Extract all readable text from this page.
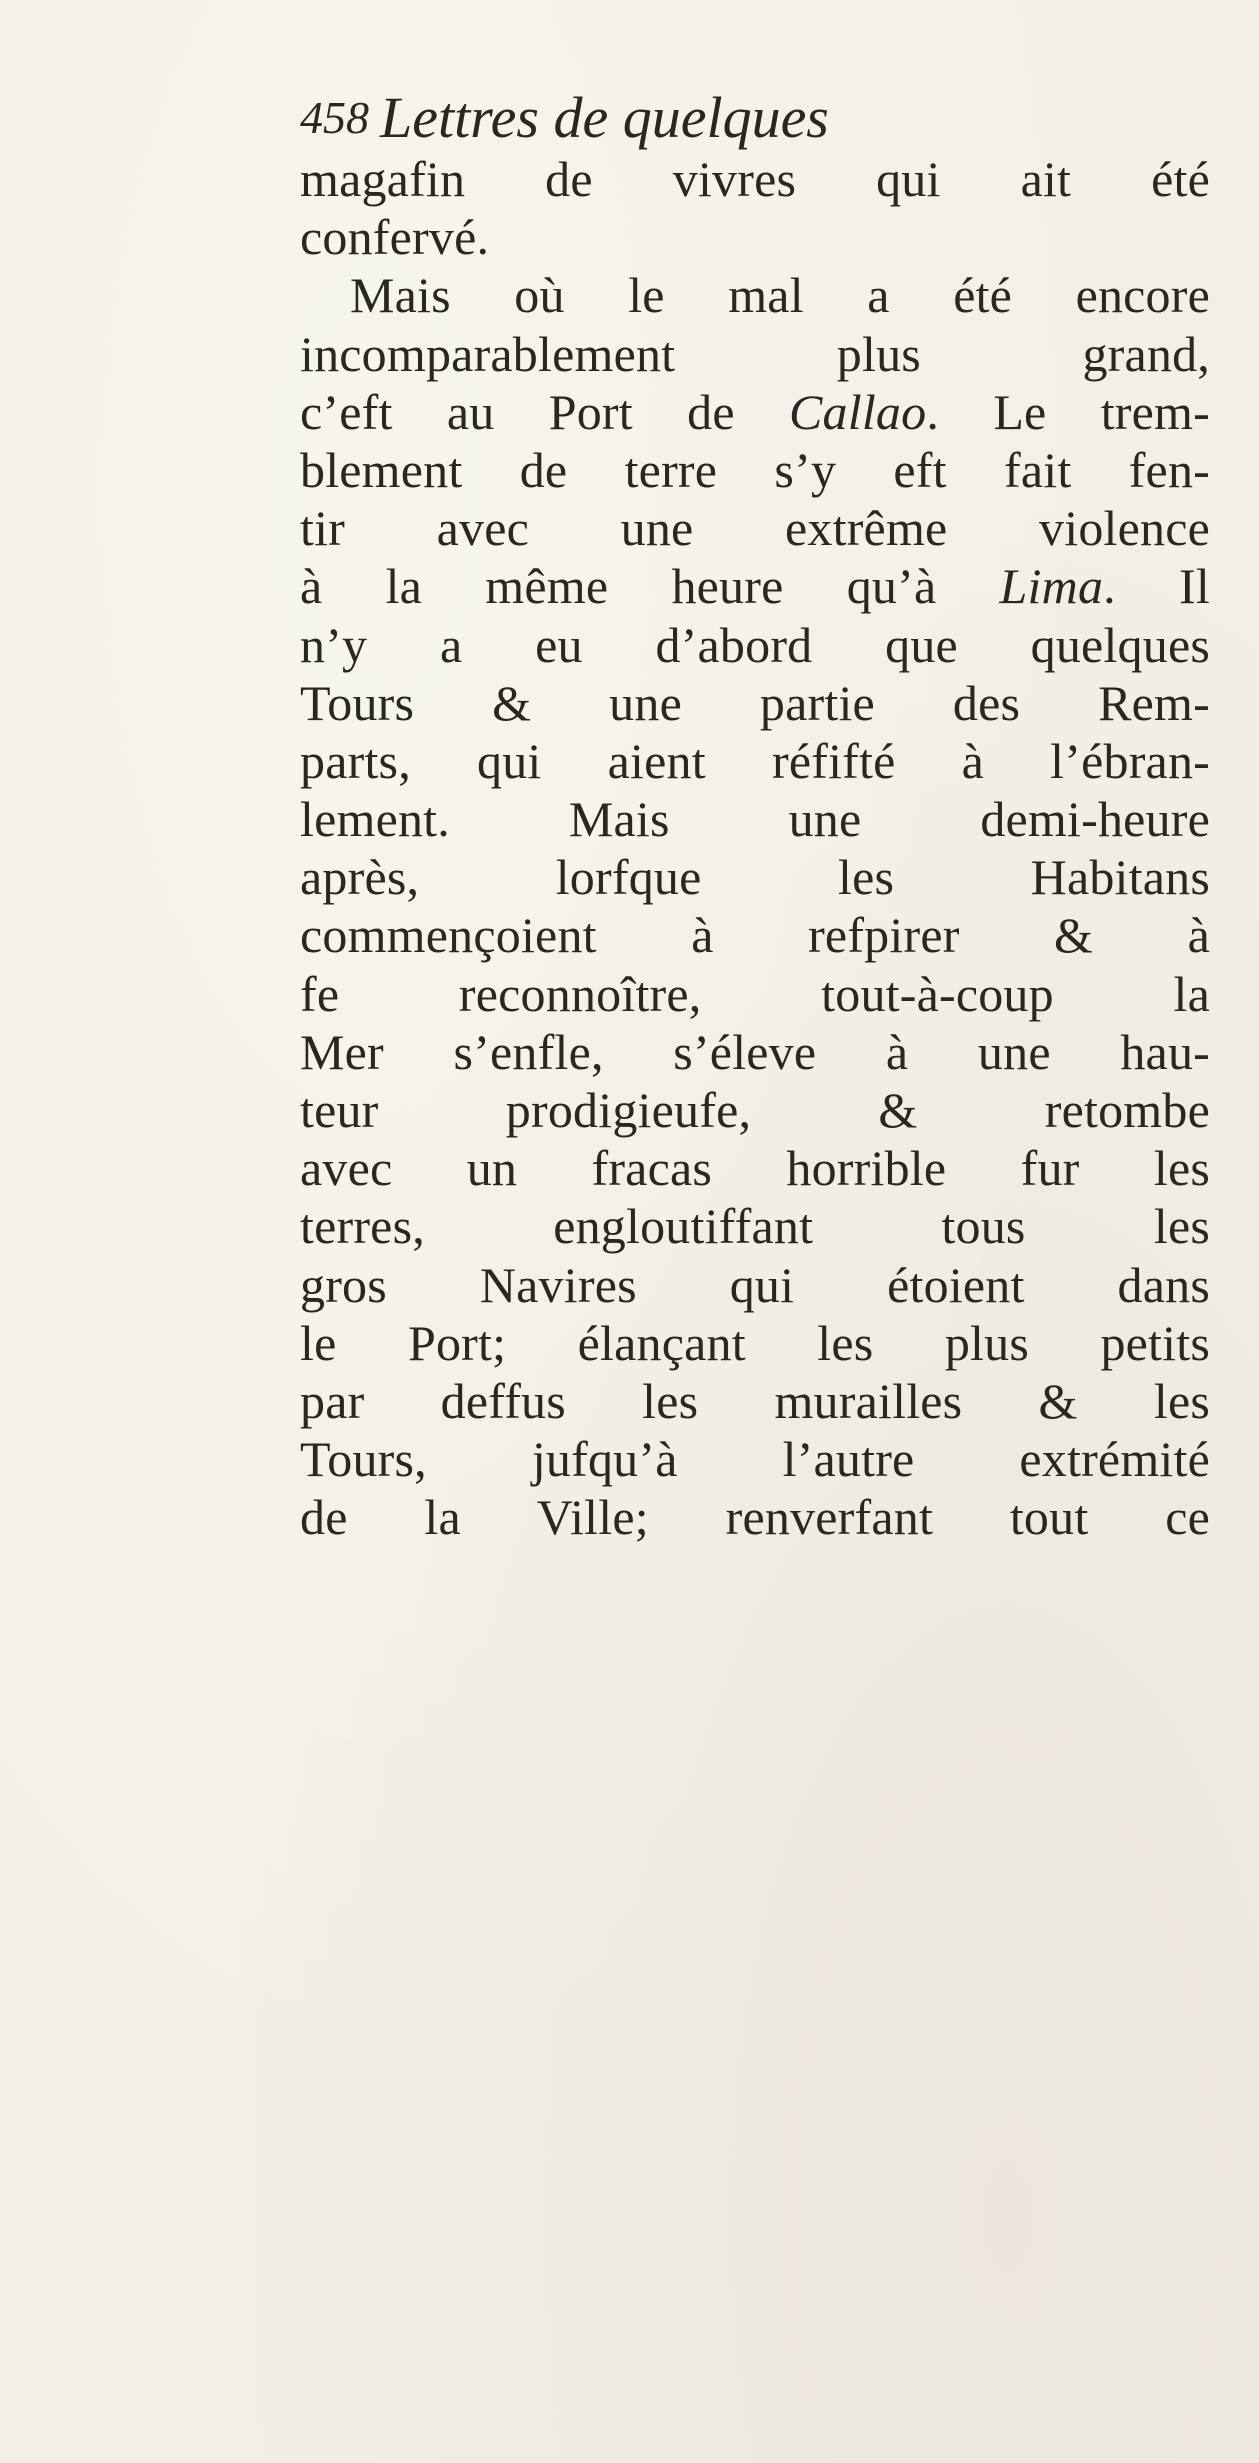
458 Lettres de quelques
magafin de vivres qui ait été
confervé.
Mais où le mal a été encore
incomparablement plus grand,
c’eft au Port de Callao. Le trem-
blement de terre s’y eft fait fen-
tir avec une extrême violence
à la même heure qu’à Lima. Il
n’y a eu d’abord que quelques
Tours & une partie des Rem-
parts, qui aient réfifté à l’ébran-
lement. Mais une demi-heure
après, lorfque les Habitans
commençoient à refpirer & à
fe reconnoître, tout-à-coup la
Mer s’enfle, s’éleve à une hau-
teur prodigieufe, & retombe
avec un fracas horrible fur les
terres, engloutiffant tous les
gros Navires qui étoient dans
le Port; élançant les plus petits
par deffus les murailles & les
Tours, jufqu’à l’autre extrémité
de la Ville; renverfant tout ce
